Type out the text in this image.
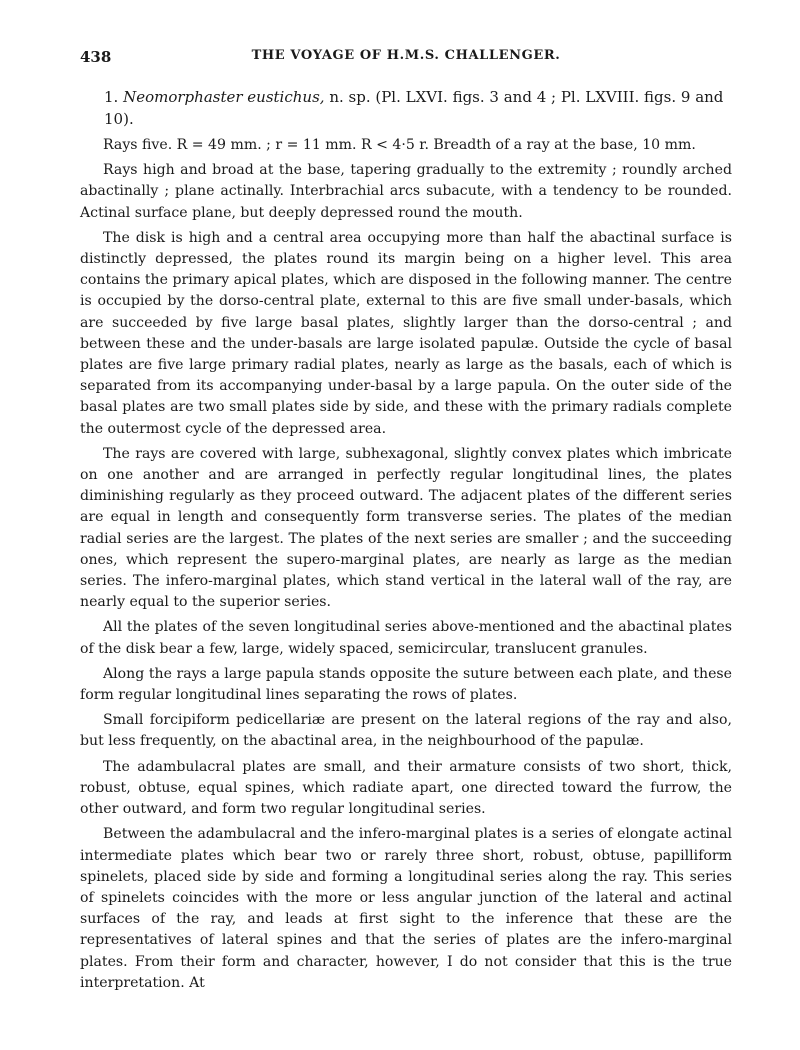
438	THE VOYAGE OF H.M.S. CHALLENGER.
1. Neomorphaster eustichus, n. sp. (Pl. LXVI. figs. 3 and 4 ; Pl. LXVIII. figs. 9 and 10).

Rays five. R = 49 mm. ; r = 11 mm. R < 4·5 r. Breadth of a ray at the base, 10 mm.

Rays high and broad at the base, tapering gradually to the extremity ; roundly arched abactinally ; plane actinally. Interbrachial arcs subacute, with a tendency to be rounded. Actinal surface plane, but deeply depressed round the mouth.

The disk is high and a central area occupying more than half the abactinal surface is distinctly depressed, the plates round its margin being on a higher level. This area contains the primary apical plates, which are disposed in the following manner. The centre is occupied by the dorso-central plate, external to this are five small under-basals, which are succeeded by five large basal plates, slightly larger than the dorso-central ; and between these and the under-basals are large isolated papulæ. Outside the cycle of basal plates are five large primary radial plates, nearly as large as the basals, each of which is separated from its accompanying under-basal by a large papula. On the outer side of the basal plates are two small plates side by side, and these with the primary radials complete the outermost cycle of the depressed area.

The rays are covered with large, subhexagonal, slightly convex plates which imbricate on one another and are arranged in perfectly regular longitudinal lines, the plates diminishing regularly as they proceed outward. The adjacent plates of the different series are equal in length and consequently form transverse series. The plates of the median radial series are the largest. The plates of the next series are smaller ; and the succeeding ones, which represent the supero-marginal plates, are nearly as large as the median series. The infero-marginal plates, which stand vertical in the lateral wall of the ray, are nearly equal to the superior series.

All the plates of the seven longitudinal series above-mentioned and the abactinal plates of the disk bear a few, large, widely spaced, semicircular, translucent granules.

Along the rays a large papula stands opposite the suture between each plate, and these form regular longitudinal lines separating the rows of plates.

Small forcipiform pedicellariæ are present on the lateral regions of the ray and also, but less frequently, on the abactinal area, in the neighbourhood of the papulæ.

The adambulacral plates are small, and their armature consists of two short, thick, robust, obtuse, equal spines, which radiate apart, one directed toward the furrow, the other outward, and form two regular longitudinal series.

Between the adambulacral and the infero-marginal plates is a series of elongate actinal intermediate plates which bear two or rarely three short, robust, obtuse, papilliform spinelets, placed side by side and forming a longitudinal series along the ray. This series of spinelets coincides with the more or less angular junction of the lateral and actinal surfaces of the ray, and leads at first sight to the inference that these are the representatives of lateral spines and that the series of plates are the infero-marginal plates. From their form and character, however, I do not consider that this is the true interpretation. At
